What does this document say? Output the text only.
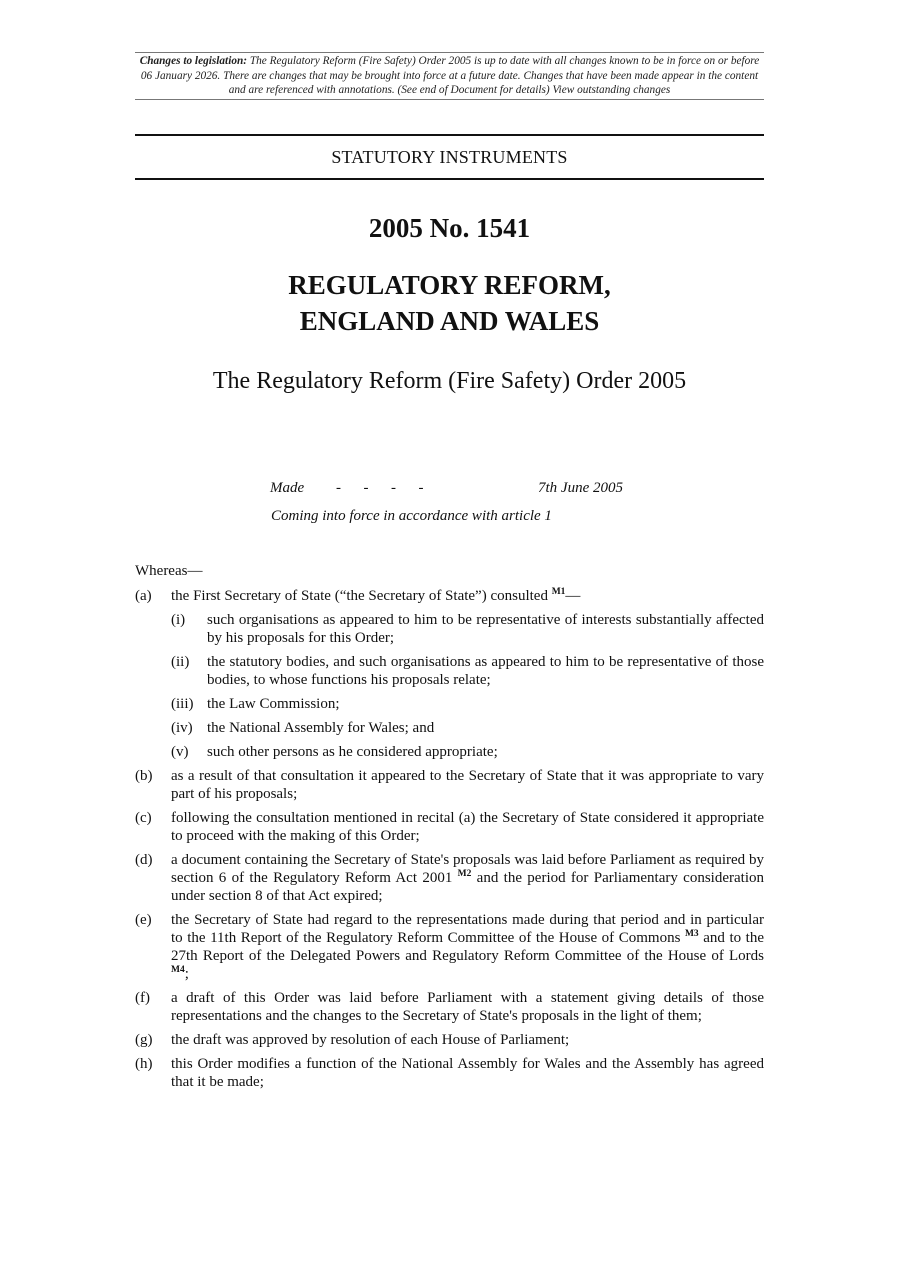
Changes to legislation: The Regulatory Reform (Fire Safety) Order 2005 is up to date with all changes known to be in force on or before 06 January 2026. There are changes that may be brought into force at a future date. Changes that have been made appear in the content and are referenced with annotations. (See end of Document for details) View outstanding changes
STATUTORY INSTRUMENTS
2005 No. 1541
REGULATORY REFORM,
ENGLAND AND WALES
The Regulatory Reform (Fire Safety) Order 2005
Made -      -      -      -	7th June 2005
Coming into force in accordance with article 1
Whereas—
(a) the First Secretary of State (“the Secretary of State”) consulted $^{M1}$—
(i) such organisations as appeared to him to be representative of interests substantially affected by his proposals for this Order;
(ii) the statutory bodies, and such organisations as appeared to him to be representative of those bodies, to whose functions his proposals relate;
(iii) the Law Commission;
(iv) the National Assembly for Wales; and
(v) such other persons as he considered appropriate;
(b) as a result of that consultation it appeared to the Secretary of State that it was appropriate to vary part of his proposals;
(c) following the consultation mentioned in recital (a) the Secretary of State considered it appropriate to proceed with the making of this Order;
(d) a document containing the Secretary of State's proposals was laid before Parliament as required by section 6 of the Regulatory Reform Act 2001 $^{M2}$ and the period for Parliamentary consideration under section 8 of that Act expired;
(e) the Secretary of State had regard to the representations made during that period and in particular to the 11th Report of the Regulatory Reform Committee of the House of Commons $^{M3}$ and to the 27th Report of the Delegated Powers and Regulatory Reform Committee of the House of Lords $^{M4}$;
(f) a draft of this Order was laid before Parliament with a statement giving details of those representations and the changes to the Secretary of State's proposals in the light of them;
(g) the draft was approved by resolution of each House of Parliament;
(h) this Order modifies a function of the National Assembly for Wales and the Assembly has agreed that it be made;
